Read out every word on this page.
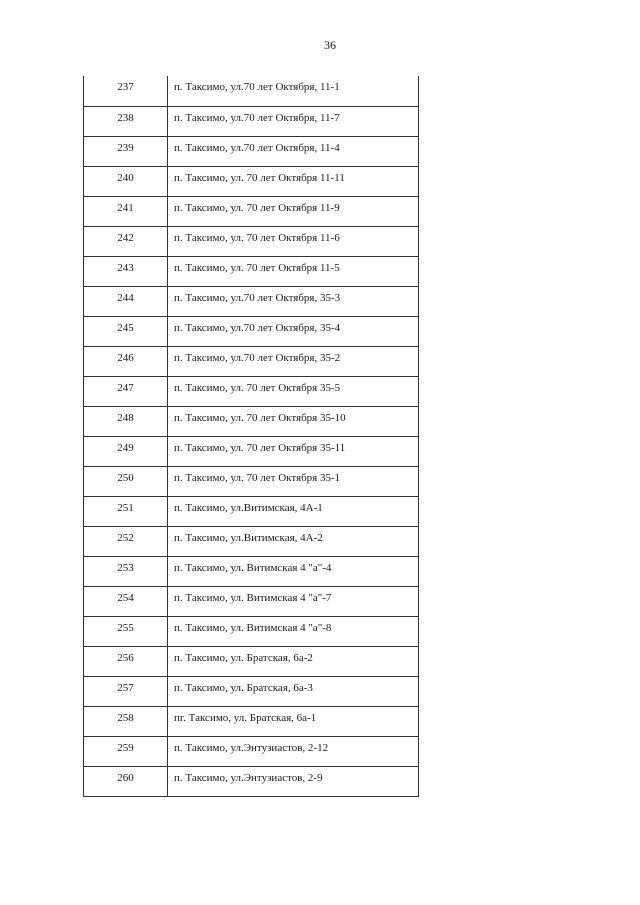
36
237	п. Таксимо, ул.70 лет Октября, 11-1
238	п. Таксимо, ул.70 лет Октября, 11-7
239	п. Таксимо, ул.70 лет Октября, 11-4
240	п. Таксимо, ул. 70 лет Октября 11-11
241	п. Таксимо, ул. 70 лет Октября 11-9
242	п. Таксимо, ул. 70 лет Октября 11-6
243	п. Таксимо, ул. 70 лет Октября 11-5
244	п. Таксимо, ул.70 лет Октября, 35-3
245	п. Таксимо, ул.70 лет Октября, 35-4
246	п. Таксимо, ул.70 лет Октября, 35-2
247	п. Таксимо, ул. 70 лет Октября 35-5
248	п. Таксимо, ул. 70 лет Октября 35-10
249	п. Таксимо, ул. 70 лет Октября 35-11
250	п. Таксимо, ул. 70 лет Октября 35-1
251	п. Таксимо, ул.Витимская, 4А-1
252	п. Таксимо, ул.Витимская, 4А-2
253	п. Таксимо, ул. Витимская 4 "а"-4
254	п. Таксимо, ул. Витимская 4 "а"-7
255	п. Таксимо, ул. Витимская 4 "а"-8
256	п. Таксимо, ул. Братская, 6а-2
257	п. Таксимо, ул. Братская, 6а-3
258	пг. Таксимо, ул. Братская, 6а-1
259	п. Таксимо, ул.Энтузиастов, 2-12
260	п. Таксимо, ул.Энтузиастов, 2-9
